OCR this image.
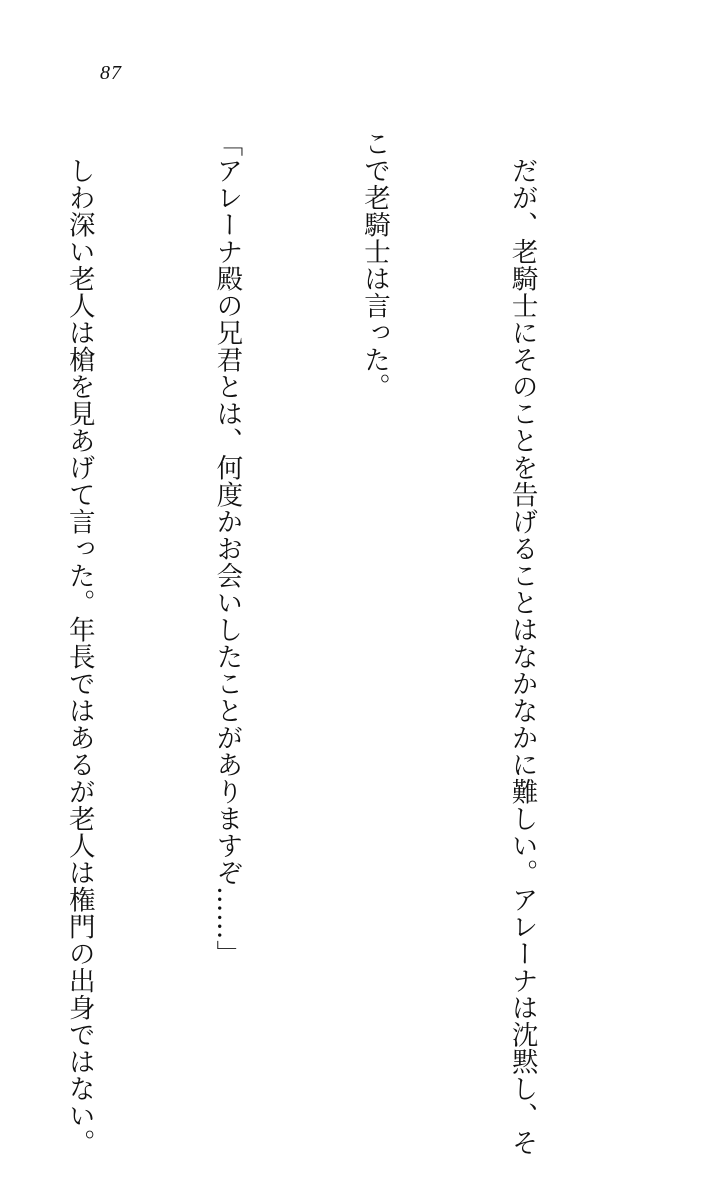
87

　だが、老騎士にそのことを告げることはなかなかに難しい。アレーナは沈黙し、そ

こで老騎士は言った。

「アレーナ殿の兄君とは、何度かお会いしたことがありますぞ……」

　しわ深い老人は槍を見あげて言った。年長ではあるが老人は権門の出身ではない。
